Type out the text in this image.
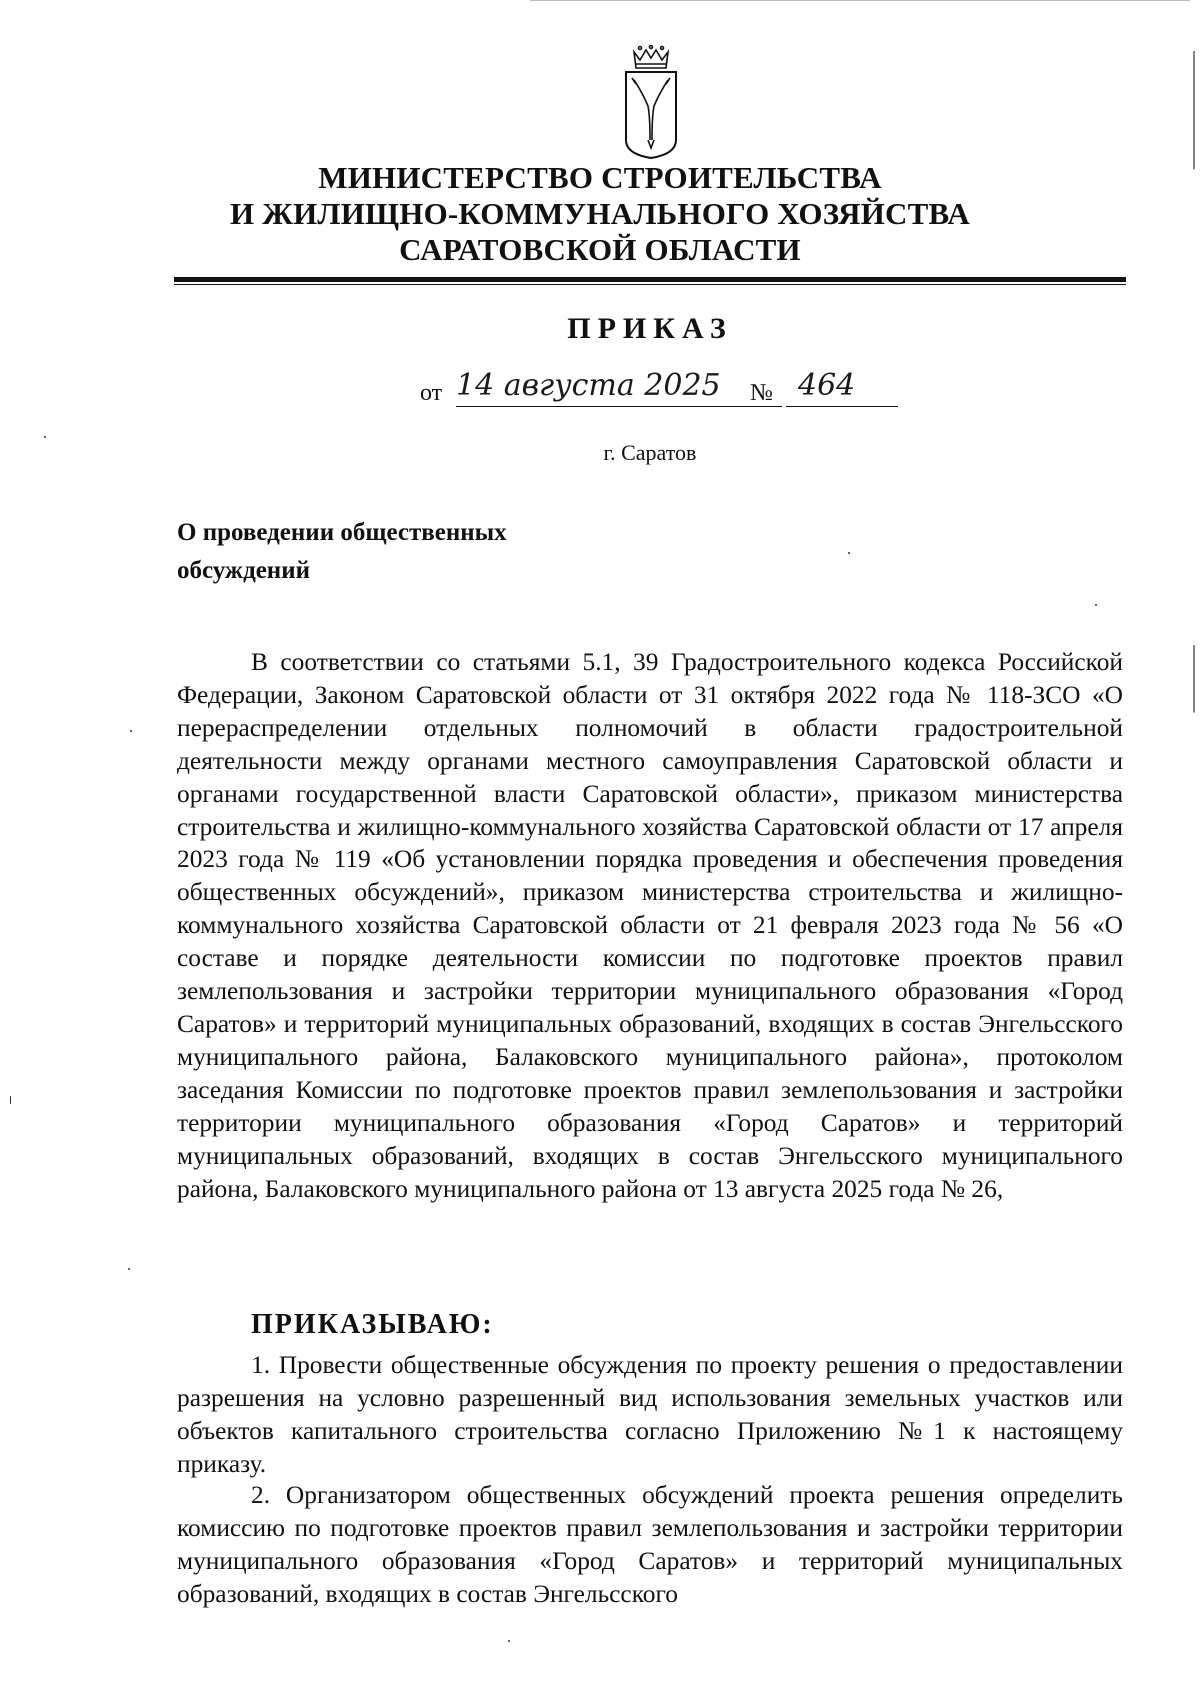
МИНИСТЕРСТВО СТРОИТЕЛЬСТВА
И ЖИЛИЩНО-КОММУНАЛЬНОГО ХОЗЯЙСТВА
САРАТОВСКОЙ ОБЛАСТИ
ПРИКАЗ
от 14 августа 2025	№ 464
г. Саратов
О проведении общественных
обсуждений

В соответствии со статьями 5.1, 39 Градостроительного кодекса Российской Федерации, Законом Саратовской области от 31 октября 2022 года № 118-ЗСО «О перераспределении отдельных полномочий в области градостроительной деятельности между органами местного самоуправления Саратовской области и органами государственной власти Саратовской области», приказом министерства строительства и жилищно-коммунального хозяйства Саратовской области от 17 апреля 2023 года № 119 «Об установлении порядка проведения и обеспечения проведения общественных обсуждений», приказом министерства строительства и жилищно-коммунального хозяйства Саратовской области от 21 февраля 2023 года № 56 «О составе и порядке деятельности комиссии по подготовке проектов правил землепользования и застройки территории муниципального образования «Город Саратов» и территорий муниципальных образований, входящих в состав Энгельсского муниципального района, Балаковского муниципального района», протоколом заседания Комиссии по подготовке проектов правил землепользования и застройки территории муниципального образования «Город Саратов» и территорий муниципальных образований, входящих в состав Энгельсского муниципального района, Балаковского муниципального района от 13 августа 2025 года № 26,

ПРИКАЗЫВАЮ:

1. Провести общественные обсуждения по проекту решения о предоставлении разрешения на условно разрешенный вид использования земельных участков или объектов капитального строительства согласно Приложению №1 к настоящему приказу.

2. Организатором общественных обсуждений проекта решения определить комиссию по подготовке проектов правил землепользования и застройки территории муниципального образования «Город Саратов» и территорий муниципальных образований, входящих в состав Энгельсского
